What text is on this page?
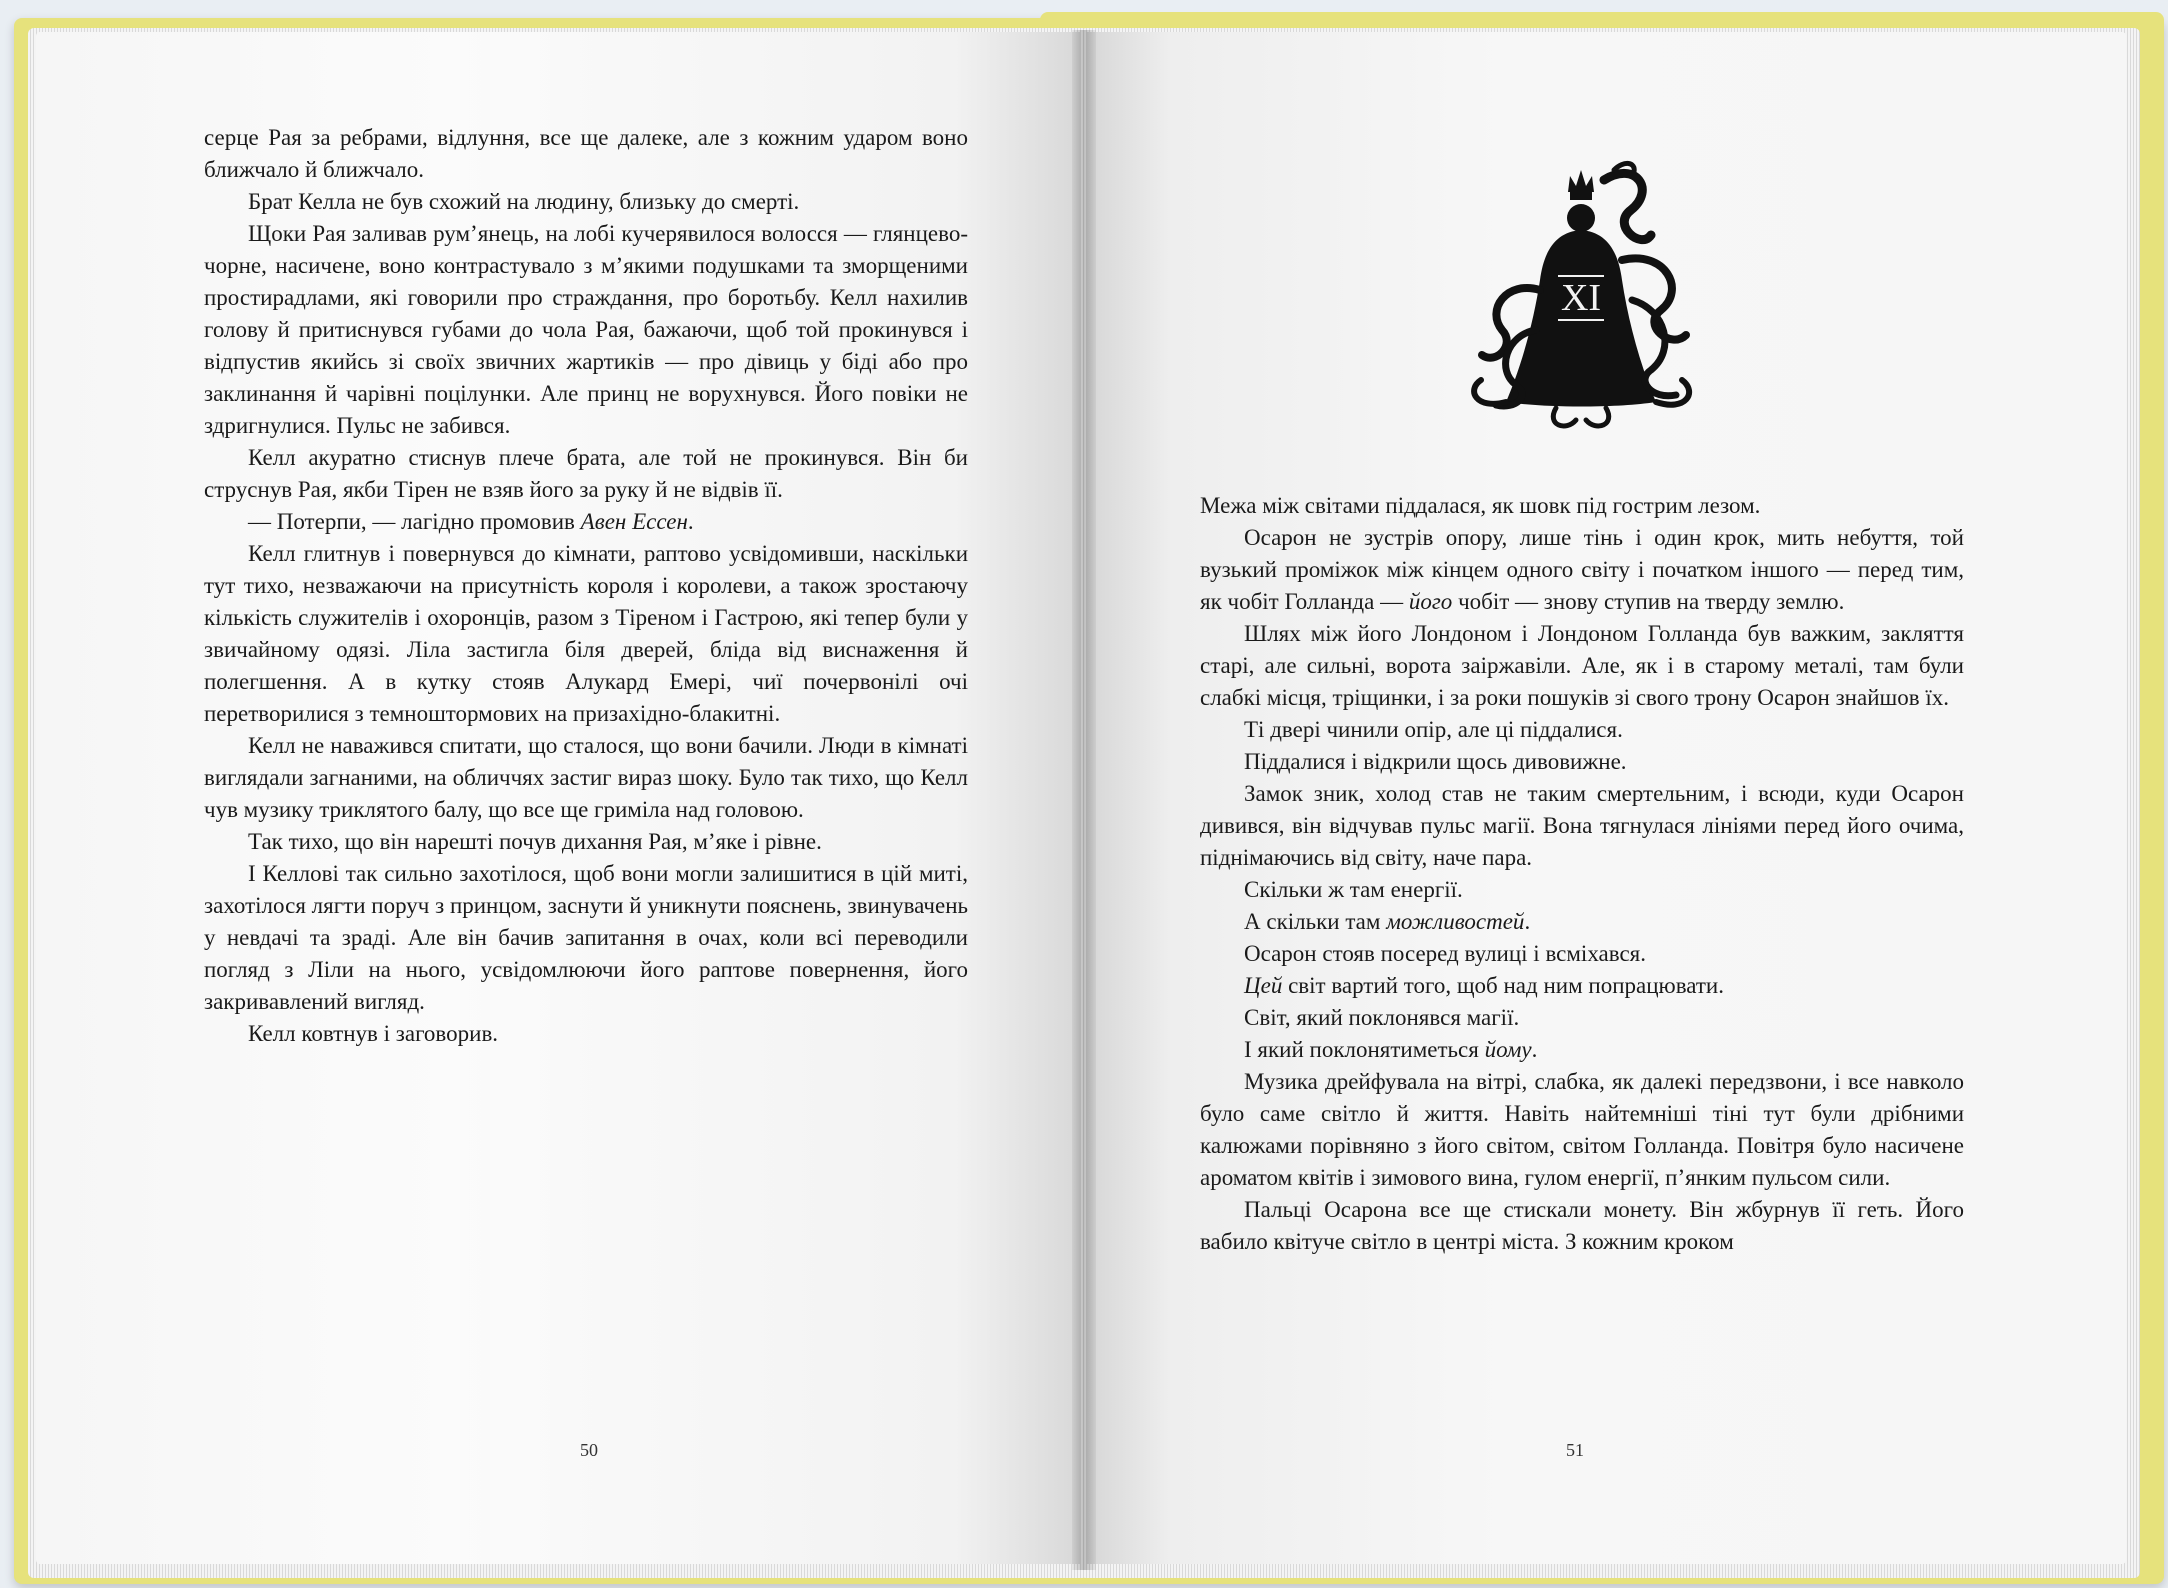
серце Рая за ребрами, відлуння, все ще далеке, але з кожним ударом воно ближчало й ближчало.

Брат Келла не був схожий на людину, близьку до смерті.

Щоки Рая заливав рум’янець, на лобі кучерявилося волосся — глянцево-чорне, насичене, воно контрастувало з м’якими подушками та зморщеними простирадлами, які говорили про страждання, про боротьбу. Келл нахилив голову й притиснувся губами до чола Рая, бажаючи, щоб той прокинувся і відпустив якийсь зі своїх звичних жартиків — про дівиць у біді або про заклинання й чарівні поцілунки. Але принц не ворухнувся. Його повіки не здригнулися. Пульс не забився.

Келл акуратно стиснув плече брата, але той не прокинувся. Він би струснув Рая, якби Тірен не взяв його за руку й не відвів її.

— Потерпи, — лагідно промовив Авен Ессен.

Келл глитнув і повернувся до кімнати, раптово усвідомивши, наскільки тут тихо, незважаючи на присутність короля і королеви, а також зростаючу кількість служителів і охоронців, разом з Тіреном і Гастрою, які тепер були у звичайному одязі. Ліла застигла біля дверей, бліда від виснаження й полегшення. А в кутку стояв Алукард Емері, чиї почервонілі очі перетворилися з темноштормових на призахідно-блакитні.

Келл не наважився спитати, що сталося, що вони бачили. Люди в кімнаті виглядали загнаними, на обличчях застиг вираз шоку. Було так тихо, що Келл чув музику триклятого балу, що все ще гриміла над головою.

Так тихо, що він нарешті почув дихання Рая, м’яке і рівне.

І Келлові так сильно захотілося, щоб вони могли залишитися в цій миті, захотілося лягти поруч з принцом, заснути й уникнути пояснень, звинувачень у невдачі та зраді. Але він бачив запитання в очах, коли всі переводили погляд з Ліли на нього, усвідомлюючи його раптове повернення, його закривавлений вигляд.

Келл ковтнув і заговорив.

XI

Межа між світами піддалася, як шовк під гострим лезом.

Осарон не зустрів опору, лише тінь і один крок, мить небуття, той вузький проміжок між кінцем одного світу і початком іншого — перед тим, як чобіт Голланда — його чобіт — знову ступив на тверду землю.

Шлях між його Лондоном і Лондоном Голланда був важким, закляття старі, але сильні, ворота заіржавіли. Але, як і в старому металі, там були слабкі місця, тріщинки, і за роки пошуків зі свого трону Осарон знайшов їх.

Ті двері чинили опір, але ці піддалися.

Піддалися і відкрили щось дивовижне.

Замок зник, холод став не таким смертельним, і всюди, куди Осарон дивився, він відчував пульс магії. Вона тягнулася лініями перед його очима, піднімаючись від світу, наче пара.

Скільки ж там енергії.

А скільки там можливостей.

Осарон стояв посеред вулиці і всміхався.

Цей світ вартий того, щоб над ним попрацювати.

Світ, який поклонявся магії.

І який поклонятиметься йому.

Музика дрейфувала на вітрі, слабка, як далекі передзвони, і все навколо було саме світло й життя. Навіть найтемніші тіні тут були дрібними калюжами порівняно з його світом, світом Голланда. Повітря було насичене ароматом квітів і зимового вина, гулом енергії, п’янким пульсом сили.

Пальці Осарона все ще стискали монету. Він жбурнув її геть. Його вабило квітуче світло в центрі міста. З кожним кроком

50	51
